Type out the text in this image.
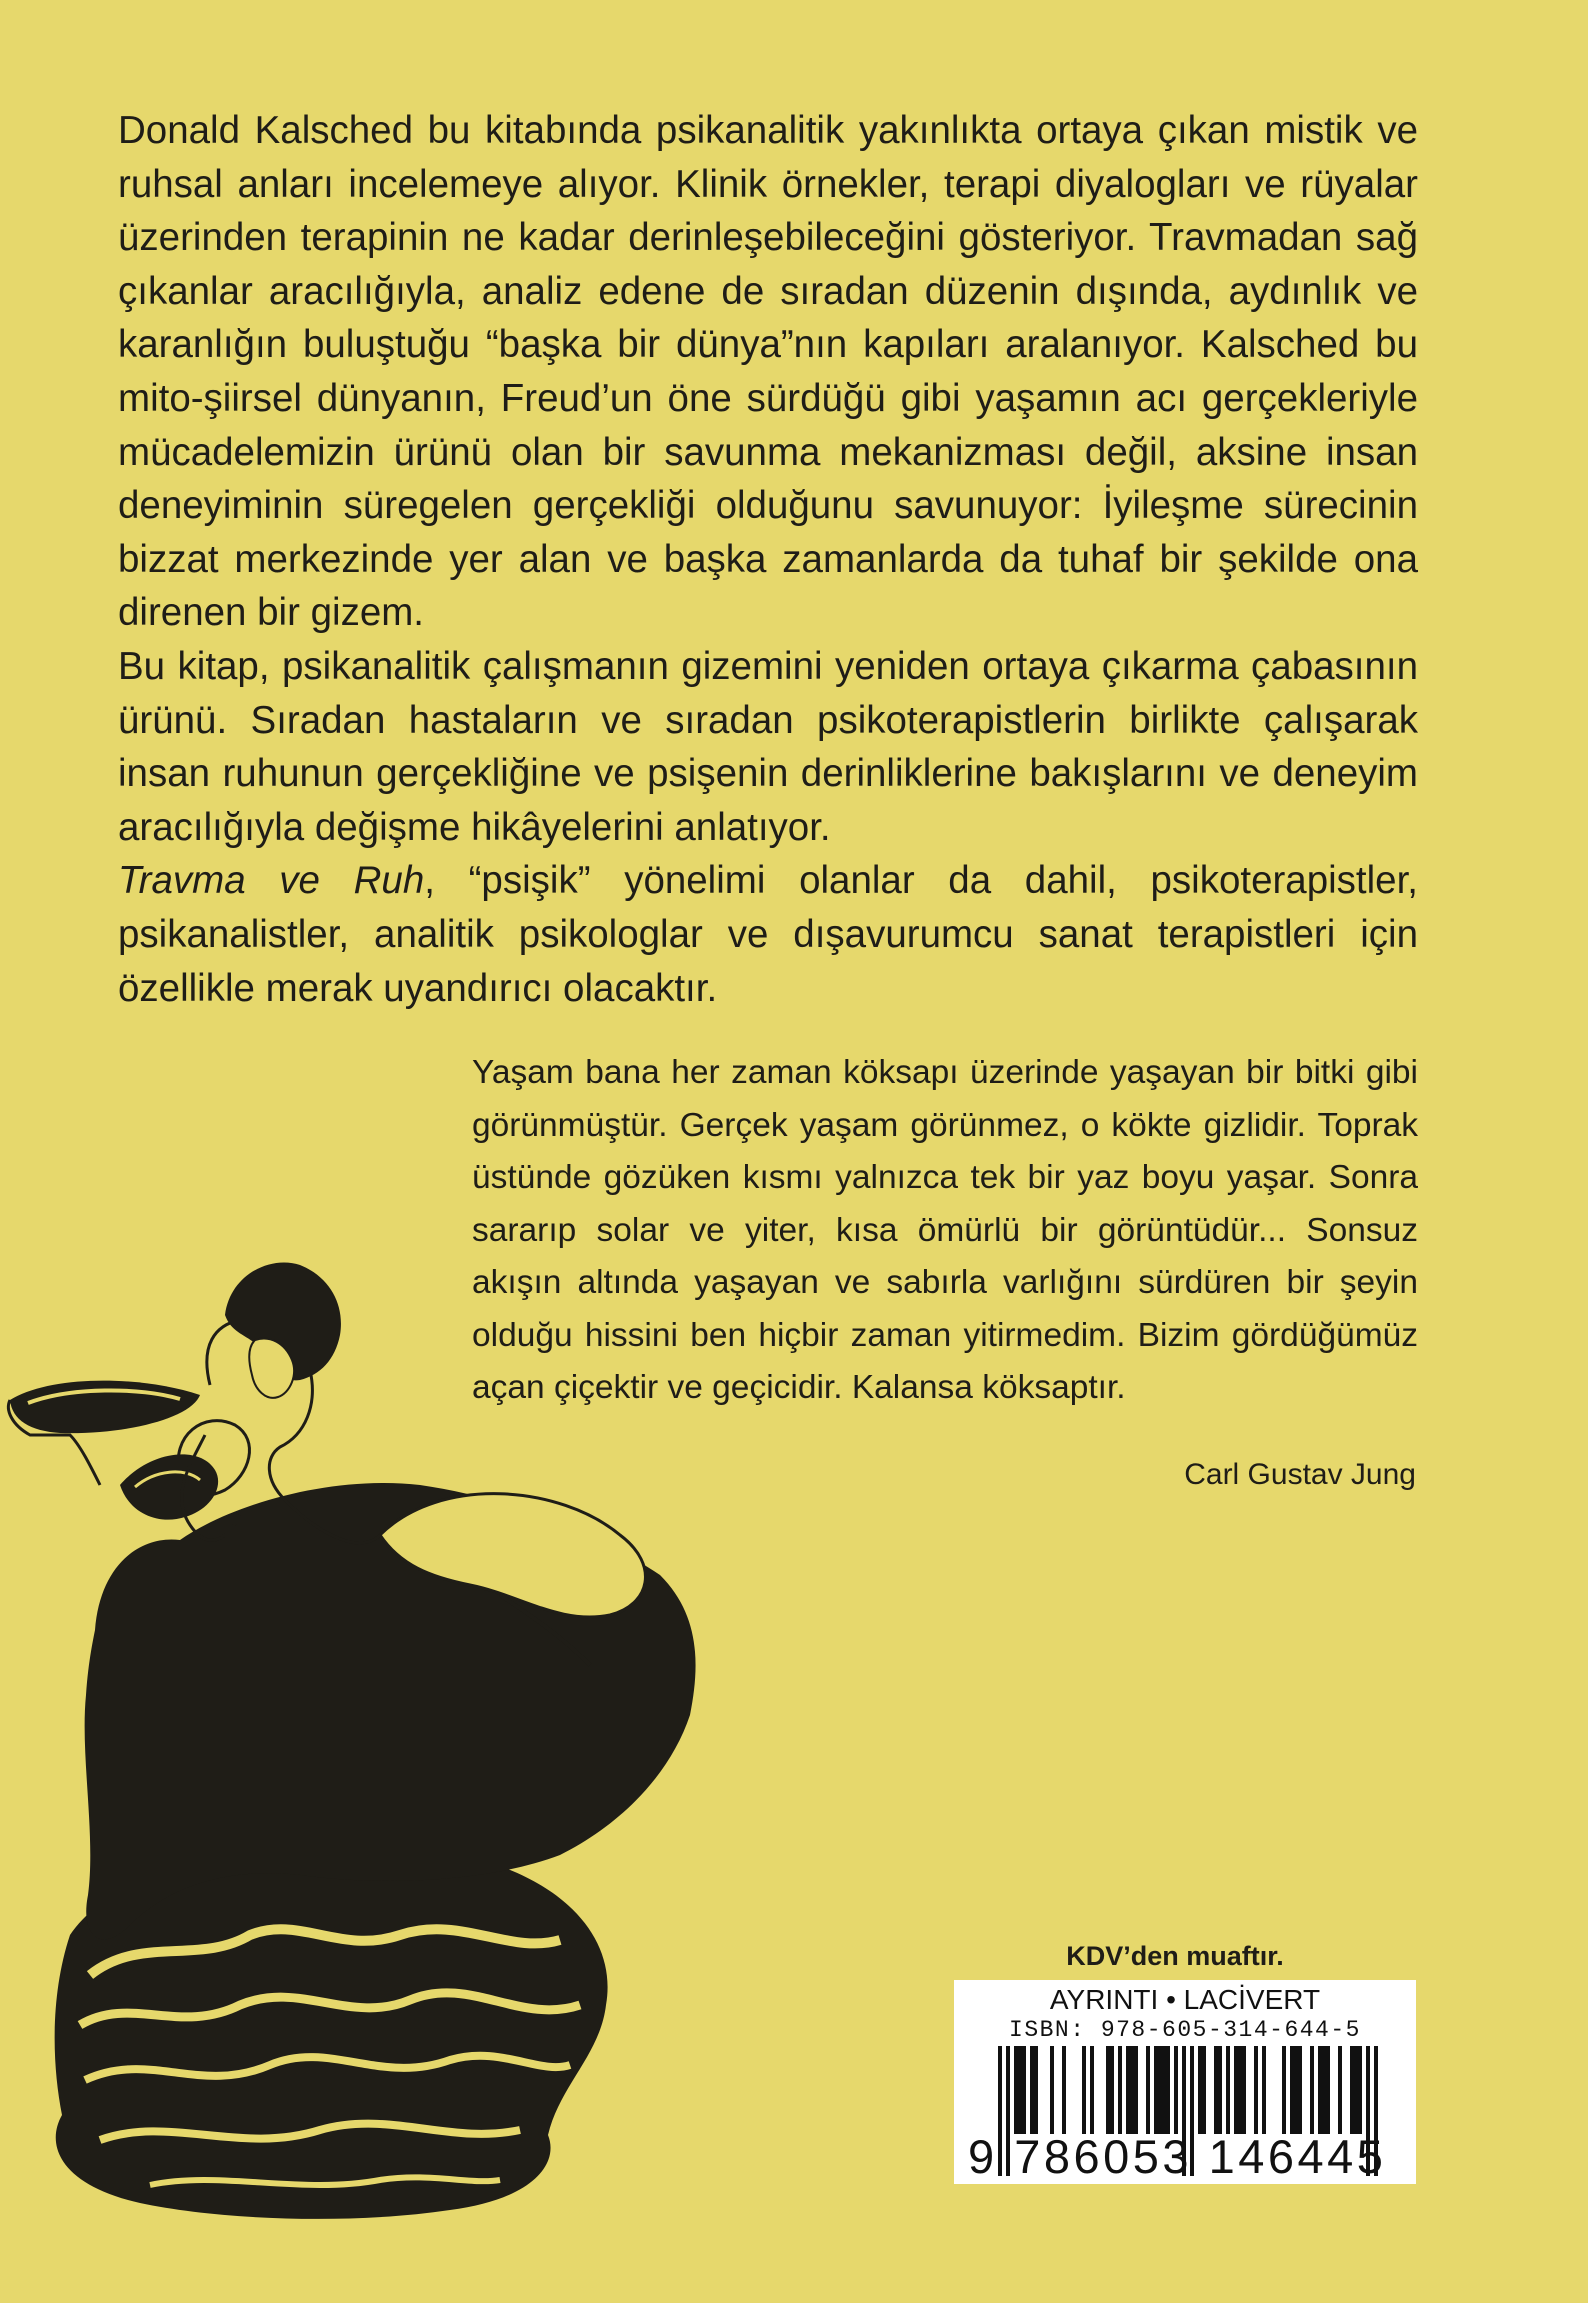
Donald Kalsched bu kitabında psikanalitik yakınlıkta ortaya çıkan mistik ve ruhsal anları incelemeye alıyor. Klinik örnekler, terapi diyalogları ve rüyalar üzerinden terapinin ne kadar derinleşebileceğini gösteriyor. Travmadan sağ çıkanlar aracılığıyla, analiz edene de sıradan düzenin dışında, aydınlık ve karanlığın buluştuğu “başka bir dünya”nın kapıları aralanıyor. Kalsched bu mito-şiirsel dünyanın, Freud’un öne sürdüğü gibi yaşamın acı gerçekleriyle mücadelemizin ürünü olan bir savunma mekanizması değil, aksine insan deneyiminin süregelen gerçekliği olduğunu savunuyor: İyileşme sürecinin bizzat merkezinde yer alan ve başka zamanlarda da tuhaf bir şekilde ona direnen bir gizem.

Bu kitap, psikanalitik çalışmanın gizemini yeniden ortaya çıkarma çabasının ürünü. Sıradan hastaların ve sıradan psikoterapistlerin birlikte çalışarak insan ruhunun gerçekliğine ve psişenin derinliklerine bakışlarını ve deneyim aracılığıyla değişme hikâyelerini anlatıyor.

Travma ve Ruh, “psişik” yönelimi olanlar da dahil, psikoterapistler, psikanalistler, analitik psikologlar ve dışavurumcu sanat terapistleri için özellikle merak uyandırıcı olacaktır.

Yaşam bana her zaman köksapı üzerinde yaşayan bir bitki gibi görünmüştür. Gerçek yaşam görünmez, o kökte gizlidir. Toprak üstünde gözüken kısmı yalnızca tek bir yaz boyu yaşar. Sonra sararıp solar ve yiter, kısa ömürlü bir görüntüdür... Sonsuz akışın altında yaşayan ve sabırla varlığını sürdüren bir şeyin olduğu hissini ben hiçbir zaman yitirmedim. Bizim gördüğümüz açan çiçektir ve geçicidir. Kalansa köksaptır.

Carl Gustav Jung
KDV’den muaftır.
AYRINTI • LACİVERT
ISBN: 978-605-314-644-5
9 786053 146445
